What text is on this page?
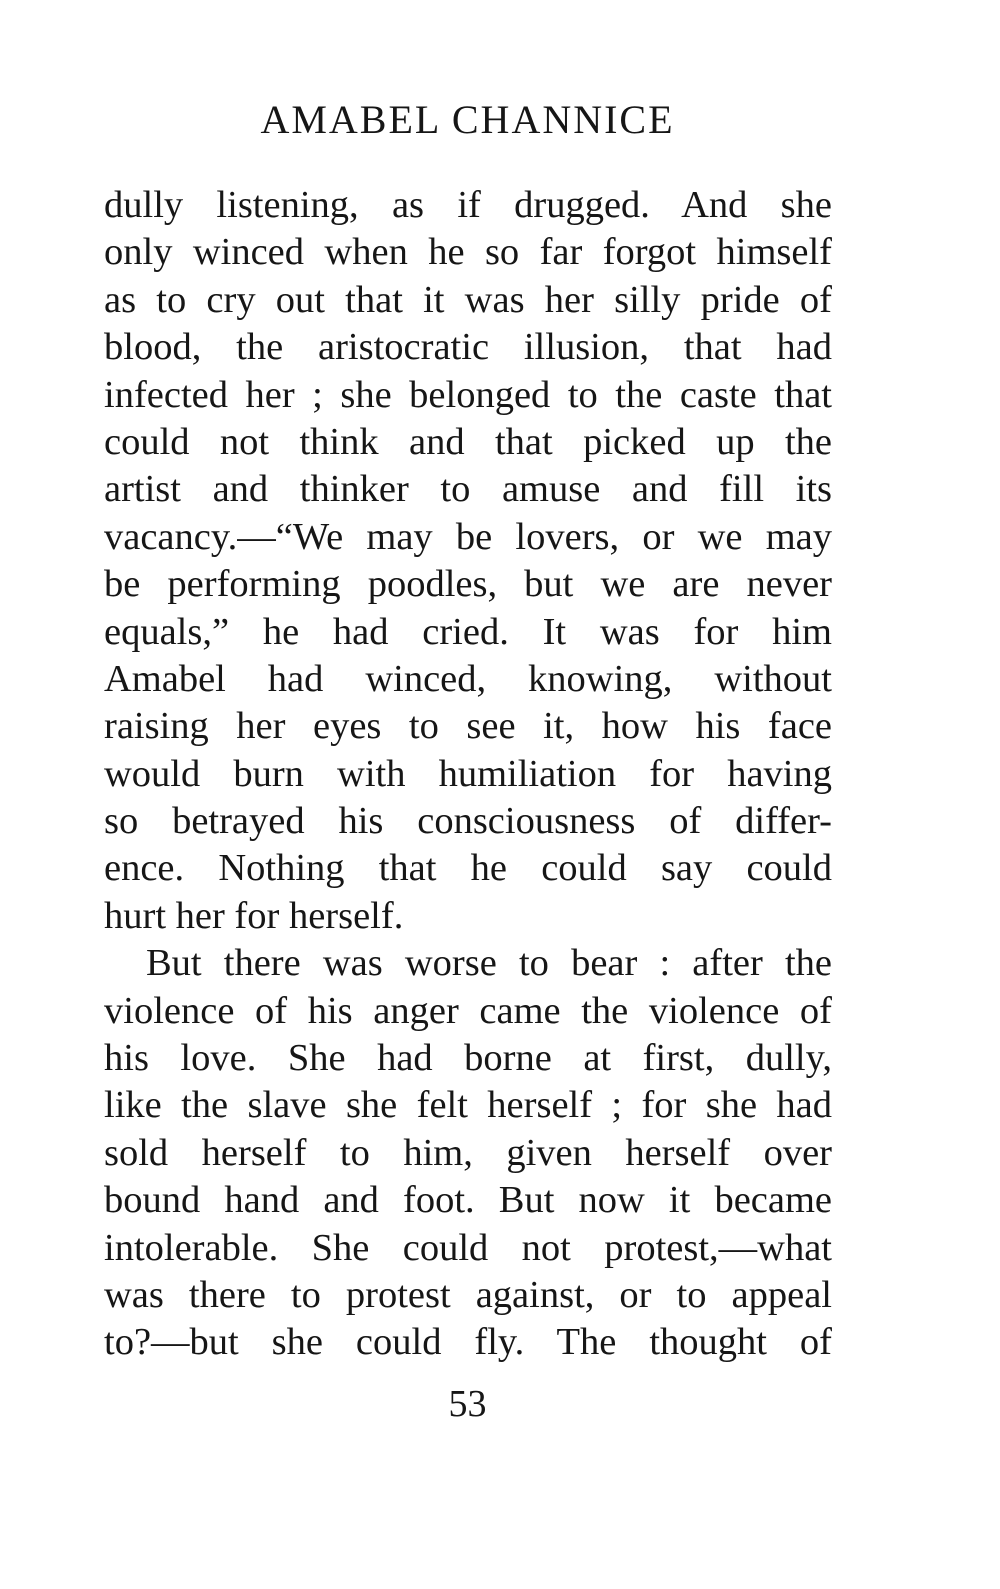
AMABEL CHANNICE
dully listening, as if drugged. And she
only winced when he so far forgot himself
as to cry out that it was her silly pride of
blood, the aristocratic illusion, that had
infected her ; she belonged to the caste that
could not think and that picked up the
artist and thinker to amuse and fill its
vacancy.—“We may be lovers, or we may
be performing poodles, but we are never
equals,” he had cried. It was for him
Amabel had winced, knowing, without
raising her eyes to see it, how his face
would burn with humiliation for having
so betrayed his consciousness of differ-
ence. Nothing that he could say could
hurt her for herself.
But there was worse to bear : after the
violence of his anger came the violence of
his love. She had borne at first, dully,
like the slave she felt herself ; for she had
sold herself to him, given herself over
bound hand and foot. But now it became
intolerable. She could not protest,—what
was there to protest against, or to appeal
to?—but she could fly. The thought of
53
